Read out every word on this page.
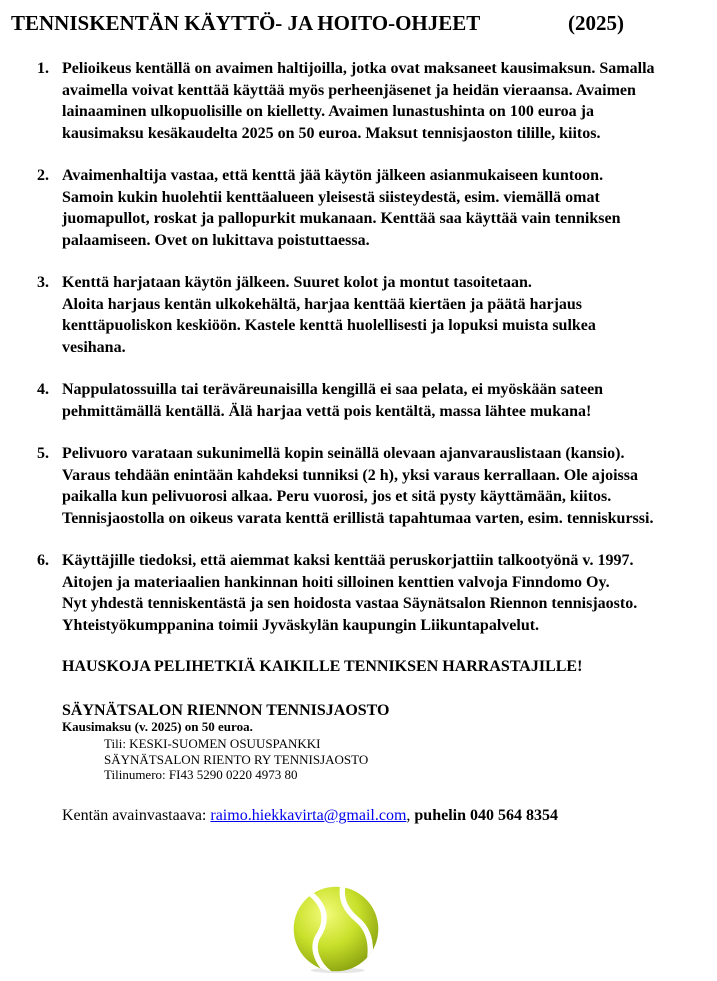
TENNISKENTÄN KÄYTTÖ- JA HOITO-OHJEET	(2025)
1. Pelioikeus kentällä on avaimen haltijoilla, jotka ovat maksaneet kausimaksun. Samalla
avaimella voivat kenttää käyttää myös perheenjäsenet ja heidän vieraansa. Avaimen
lainaaminen ulkopuolisille on kielletty. Avaimen lunastushinta on 100 euroa ja
kausimaksu kesäkaudelta 2025 on 50 euroa. Maksut tennisjaoston tilille, kiitos.
2. Avaimenhaltija vastaa, että kenttä jää käytön jälkeen asianmukaiseen kuntoon.
Samoin kukin huolehtii kenttäalueen yleisestä siisteydestä, esim. viemällä omat
juomapullot, roskat ja pallopurkit mukanaan. Kenttää saa käyttää vain tenniksen
palaamiseen. Ovet on lukittava poistuttaessa.
3. Kenttä harjataan käytön jälkeen. Suuret kolot ja montut tasoitetaan.
Aloita harjaus kentän ulkokehältä, harjaa kenttää kiertäen ja päätä harjaus
kenttäpuoliskon keskiöön. Kastele kenttä huolellisesti ja lopuksi muista sulkea
vesihana.
4. Nappulatossuilla tai teräväreunaisilla kengillä ei saa pelata, ei myöskään sateen
pehmittämällä kentällä. Älä harjaa vettä pois kentältä, massa lähtee mukana!
5. Pelivuoro varataan sukunimellä kopin seinällä olevaan ajanvarauslistaan (kansio).
Varaus tehdään enintään kahdeksi tunniksi (2 h), yksi varaus kerrallaan. Ole ajoissa
paikalla kun pelivuorosi alkaa. Peru vuorosi, jos et sitä pysty käyttämään, kiitos.
Tennisjaostolla on oikeus varata kenttä erillistä tapahtumaa varten, esim. tenniskurssi.
6. Käyttäjille tiedoksi, että aiemmat kaksi kenttää peruskorjattiin talkootyönä v. 1997.
Aitojen ja materiaalien hankinnan hoiti silloinen kenttien valvoja Finndomo Oy.
Nyt yhdestä tenniskentästä ja sen hoidosta vastaa Säynätsalon Riennon tennisjaosto.
Yhteistyökumppanina toimii Jyväskylän kaupungin Liikuntapalvelut.
HAUSKOJA PELIHETKIÄ KAIKILLE TENNIKSEN HARRASTAJILLE!
SÄYNÄTSALON RIENNON TENNISJAOSTO
Kausimaksu (v. 2025) on 50 euroa.
Tili: KESKI-SUOMEN OSUUSPANKKI
SÄYNÄTSALON RIENTO RY TENNISJAOSTO
Tilinumero: FI43 5290 0220 4973 80
Kentän avainvastaava: raimo.hiekkavirta@gmail.com, puhelin 040 564 8354
